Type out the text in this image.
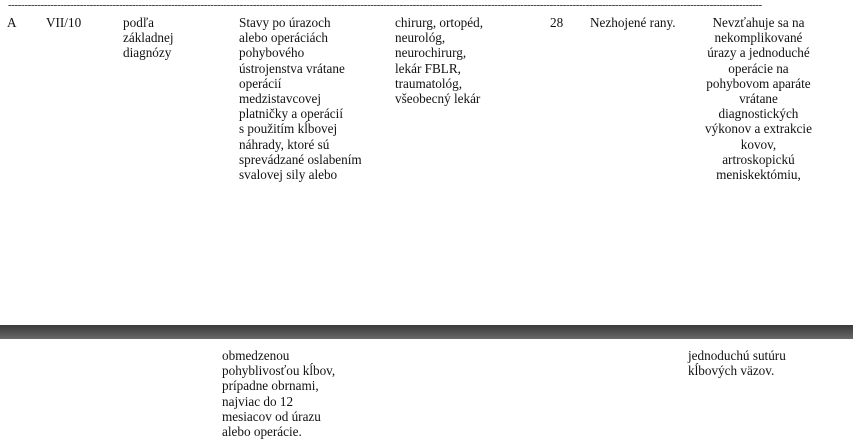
---------------------------------------------------------------------------------------------------------------------------------------------------------------------------------------------------------------------------------------
A VII/10	podľa
základnej
diagnózy
Stavy po úrazoch
alebo operáciách
pohybového
ústrojenstva vrátane
operácií
medzistavcovej
platničky a operácií
s použitím kĺbovej
náhrady, ktoré sú
sprevádzané oslabením
svalovej sily alebo
chirurg, ortopéd,
neurológ,
neurochirurg,
lekár FBLR,
traumatológ,
všeobecný lekár
28 Nezhojené rany.	Nevzťahuje sa na
nekomplikované
úrazy a jednoduché
operácie na
pohybovom aparáte
vrátane
diagnostických
výkonov a extrakcie
kovov,
artroskopickú
meniskektómiu,
obmedzenou
pohyblivosťou kĺbov,
prípadne obrnami,
najviac do 12
mesiacov od úrazu
alebo operácie.
jednoduchú sutúru
kĺbových väzov.
